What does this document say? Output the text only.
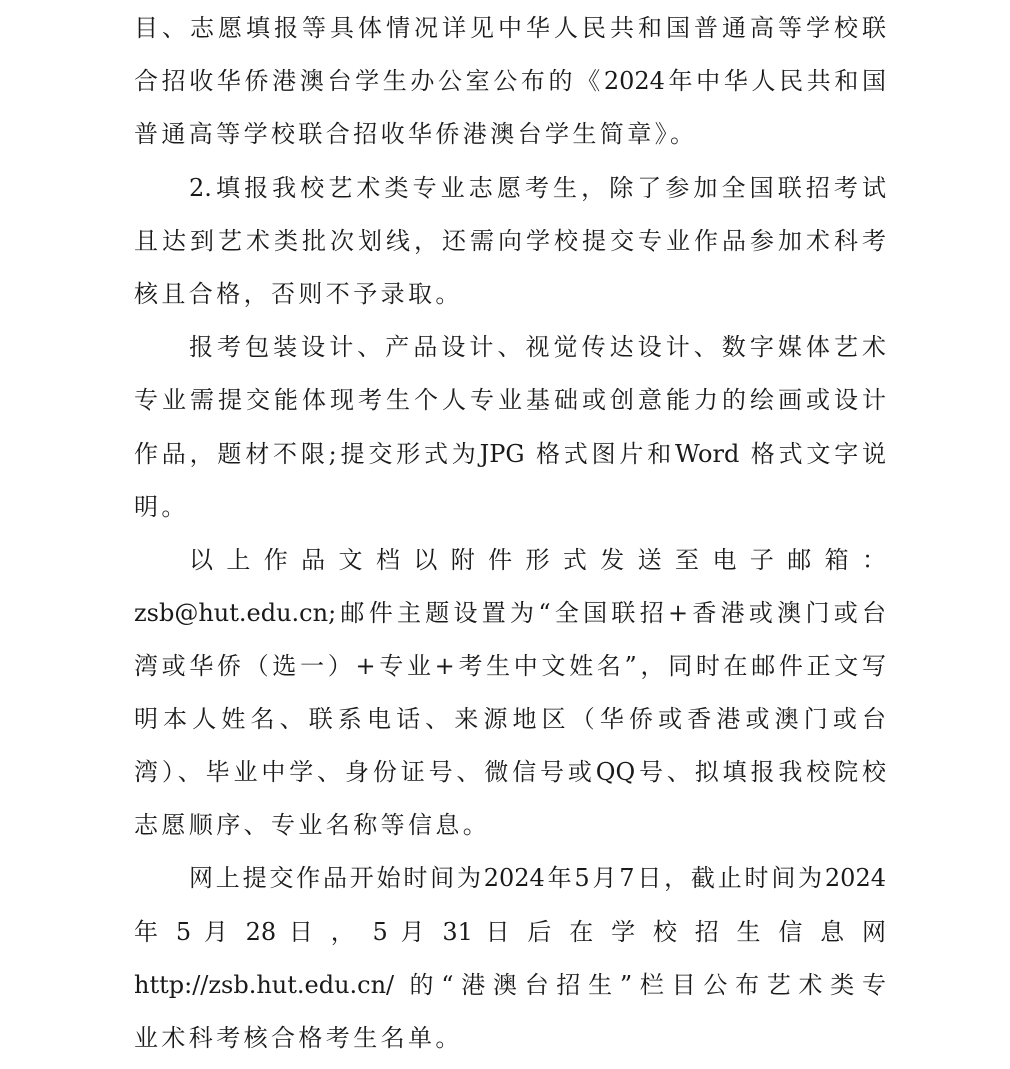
目、志愿填报等具体情况详见中华人民共和国普通高等学校联
合招收华侨港澳台学生办公室公布的《2024年中华人民共和国
普通高等学校联合招收华侨港澳台学生简章》。
2.填报我校艺术类专业志愿考生，除了参加全国联招考试
且达到艺术类批次划线，还需向学校提交专业作品参加术科考
核且合格，否则不予录取。
报考包装设计、产品设计、视觉传达设计、数字媒体艺术
专业需提交能体现考生个人专业基础或创意能力的绘画或设计
作品，题材不限;提交形式为JPG 格式图片和Word 格式文字说
明。
以上作品文档以附件形式发送至电子邮箱：
zsb@hut.edu.cn;邮件主题设置为“全国联招+香港或澳门或台
湾或华侨（选一）+专业+考生中文姓名”，同时在邮件正文写
明本人姓名、联系电话、来源地区（华侨或香港或澳门或台
湾）、毕业中学、身份证号、微信号或QQ号、拟填报我校院校
志愿顺序、专业名称等信息。
网上提交作品开始时间为2024年5月7日，截止时间为2024
年 5 月 28 日 ， 5 月 31 日 后 在 学 校 招 生 信 息 网
http://zsb.hut.edu.cn/ 的“港澳台招生”栏目公布艺术类专
业术科考核合格考生名单。
